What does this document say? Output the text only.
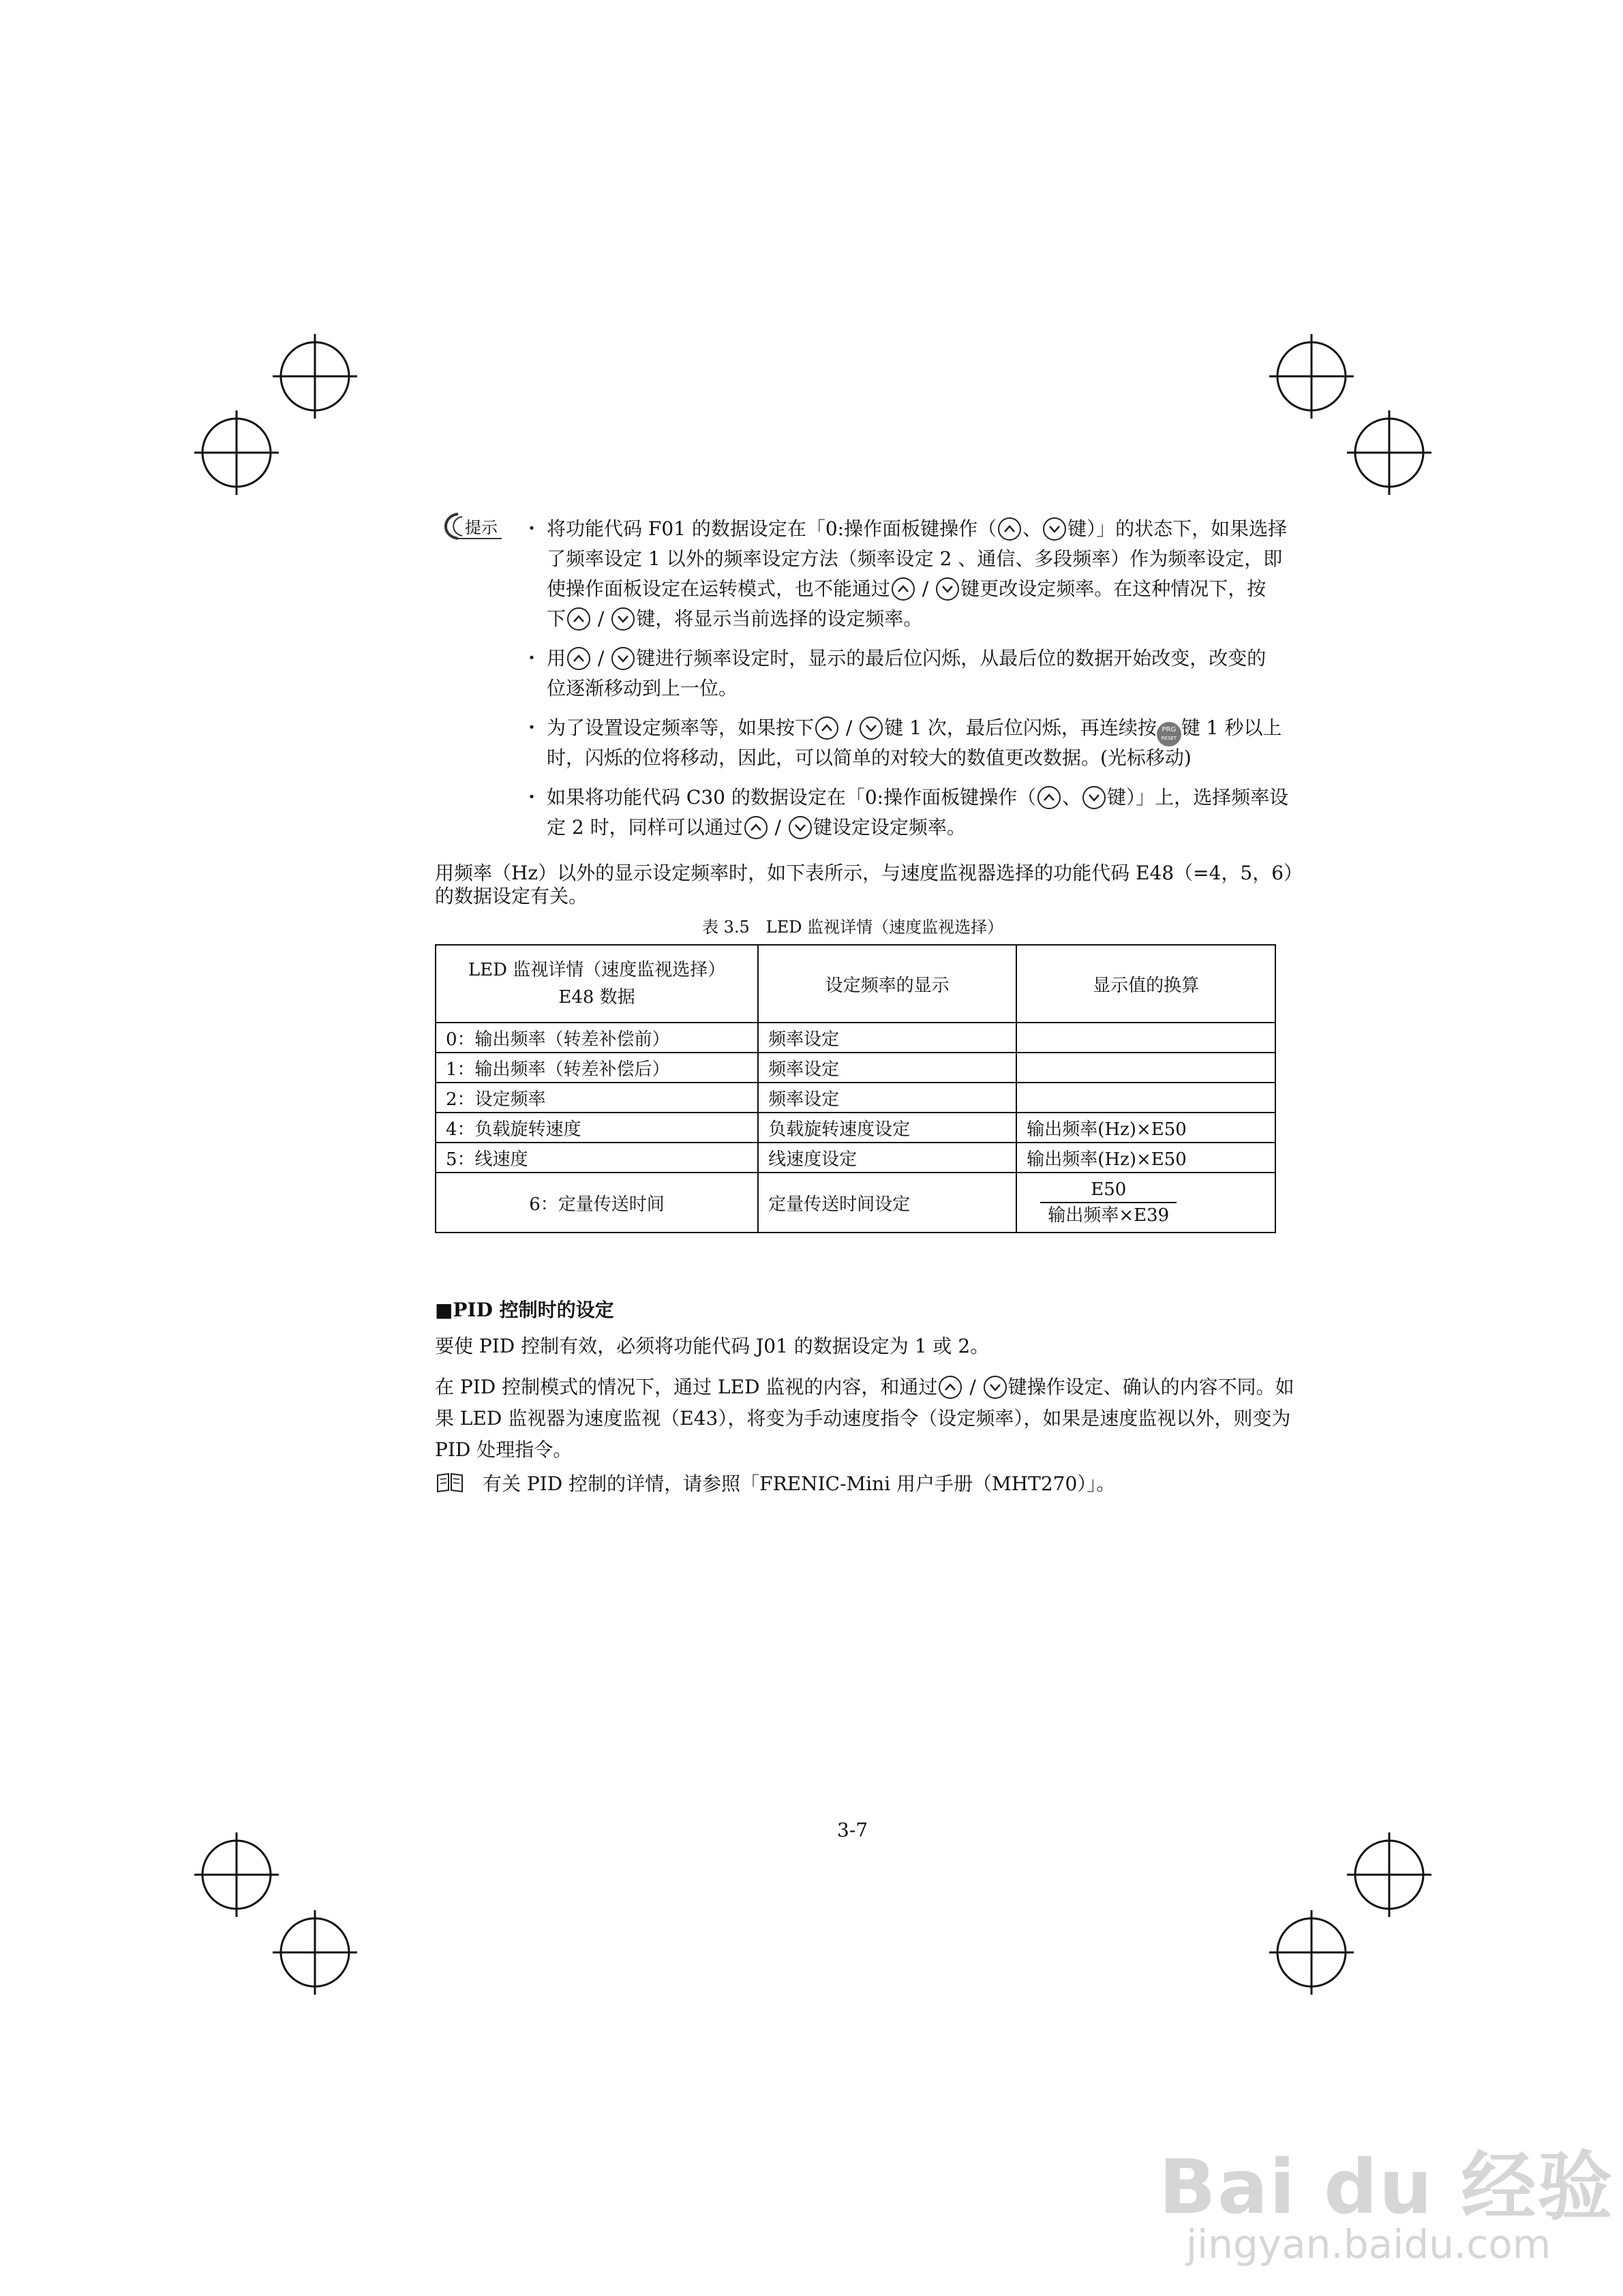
提示 ・ 将功能代码 F01 的数据设定在「0:操作面板键操作（ 、 键）」的状态下，如果选择
了频率设定 1 以外的频率设定方法（频率设定 2 、通信、多段频率）作为频率设定，即
使操作面板设定在运转模式，也不能通过
/
键更改设定频率。在这种情况下，按
下
/
键，将显示当前选择的设定频率。
・ 用
/
键进行频率设定时，显示的最后位闪烁，从最后位的数据开始改变，改变的
位逐渐移动到上一位。
・ 为了设置设定频率等，如果按下
/
键 1 次，最后位闪烁，再连续按 PRG
RESET 键 1 秒以上
时，闪烁的位将移动，因此，可以简单的对较大的数值更改数据。(光标移动)
・ 如果将功能代码 C30 的数据设定在「0:操作面板键操作（ 、 键）」上，选择频率设
定 2 时，同样可以通过
/
键设定设定频率。
用频率（Hz）以外的显示设定频率时，如下表所示，与速度监视器选择的功能代码 E48（=4，5，6）
的数据设定有关。
表 3.5　LED 监视详情（速度监视选择）
LED 监视详情（速度监视选择）
E48 数据	设定频率的显示	显示值的换算
0：输出频率（转差补偿前）	频率设定	
1：输出频率（转差补偿后）	频率设定	
2：设定频率	频率设定	
4：负载旋转速度	负载旋转速度设定	输出频率(Hz)×E50
5：线速度	线速度设定	输出频率(Hz)×E50
6：定量传送时间	定量传送时间设定	E50
输出频率×E39
■PID 控制时的设定
要使 PID 控制有效，必须将功能代码 J01 的数据设定为 1 或 2。
在 PID 控制模式的情况下，通过 LED 监视的内容，和通过
/
键操作设定、确认的内容不同。如
果 LED 监视器为速度监视（E43），将变为手动速度指令（设定频率），如果是速度监视以外，则变为
PID 处理指令。
有关 PID 控制的详情，请参照「FRENIC-Mini 用户手册（MHT270）」。
3-7
Bai du 经验
jingyan.baidu.com
